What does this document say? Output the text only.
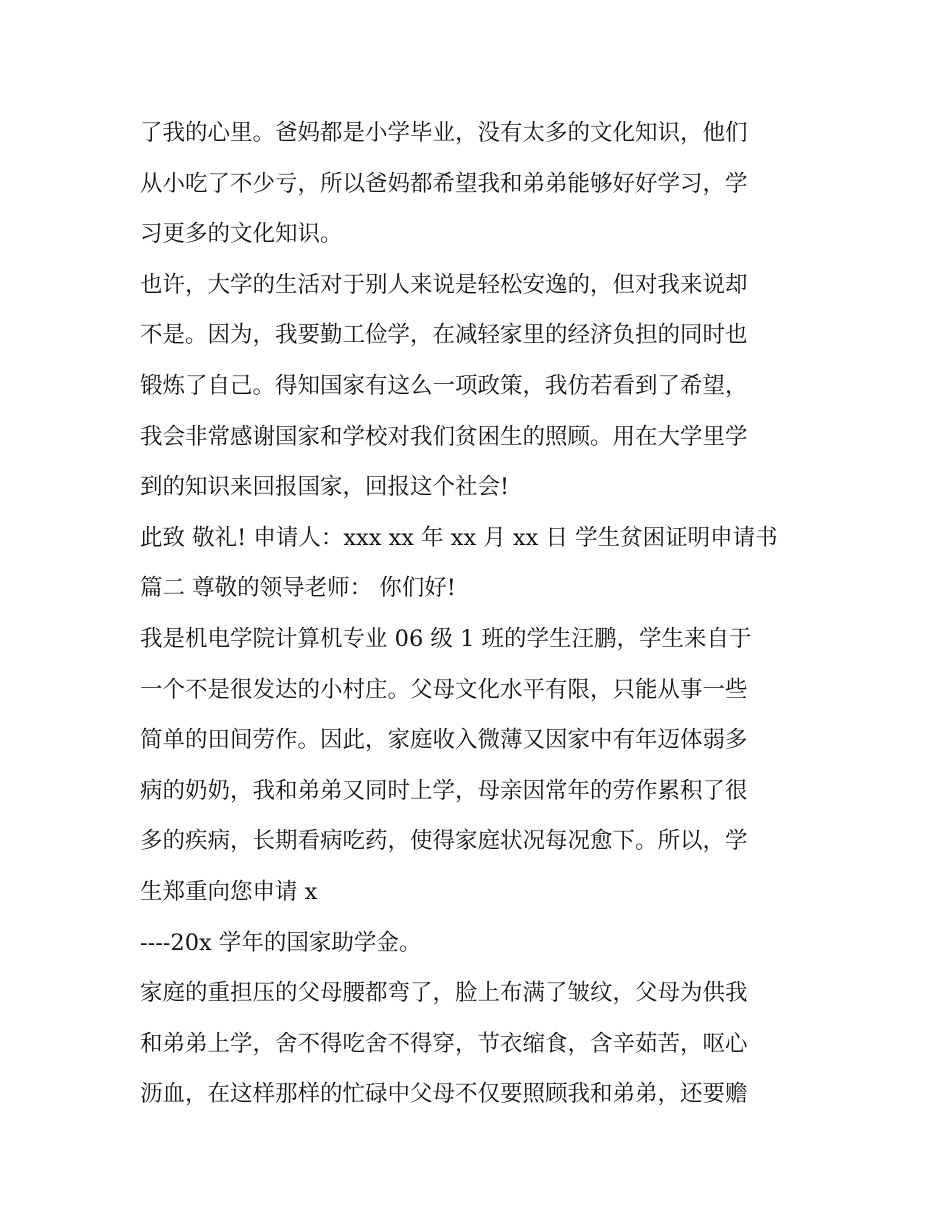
了我的心里。爸妈都是小学毕业，没有太多的文化知识，他们

从小吃了不少亏，所以爸妈都希望我和弟弟能够好好学习，学

习更多的文化知识。

也许，大学的生活对于别人来说是轻松安逸的，但对我来说却

不是。因为，我要勤工俭学，在减轻家里的经济负担的同时也

锻炼了自己。得知国家有这么一项政策，我仿若看到了希望，

我会非常感谢国家和学校对我们贫困生的照顾。用在大学里学

到的知识来回报国家，回报这个社会!

此致 敬礼! 申请人：xxx xx 年 xx 月 xx 日 学生贫困证明申请书

篇二 尊敬的领导老师： 你们好!

我是机电学院计算机专业 06 级 1 班的学生汪鹏，学生来自于

一个不是很发达的小村庄。父母文化水平有限，只能从事一些

简单的田间劳作。因此，家庭收入微薄又因家中有年迈体弱多

病的奶奶，我和弟弟又同时上学，母亲因常年的劳作累积了很

多的疾病，长期看病吃药，使得家庭状况每况愈下。所以，学

生郑重向您申请 x

----20x 学年的国家助学金。

家庭的重担压的父母腰都弯了，脸上布满了皱纹，父母为供我

和弟弟上学，舍不得吃舍不得穿，节衣缩食，含辛茹苦，呕心

沥血，在这样那样的忙碌中父母不仅要照顾我和弟弟，还要赡
